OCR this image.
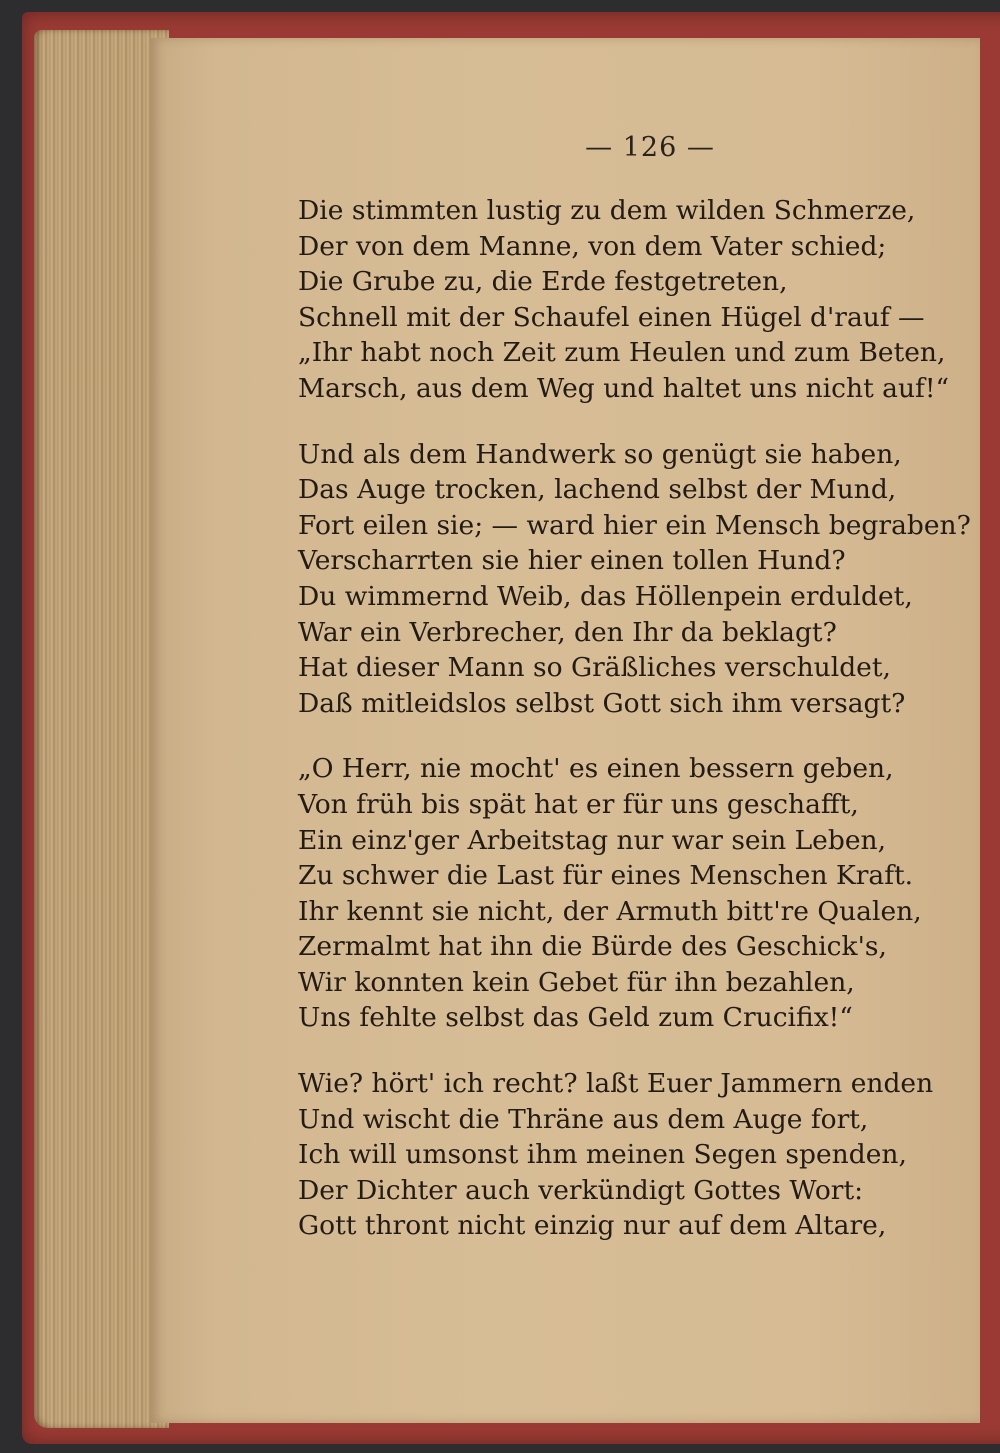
— 126 —
Die stimmten lustig zu dem wilden Schmerze,
Der von dem Manne, von dem Vater schied;
Die Grube zu, die Erde festgetreten,
Schnell mit der Schaufel einen Hügel d'rauf —
„Ihr habt noch Zeit zum Heulen und zum Beten,
Marsch, aus dem Weg und haltet uns nicht auf!“
Und als dem Handwerk so genügt sie haben,
Das Auge trocken, lachend selbst der Mund,
Fort eilen sie; — ward hier ein Mensch begraben?
Verscharrten sie hier einen tollen Hund?
Du wimmernd Weib, das Höllenpein erduldet,
War ein Verbrecher, den Ihr da beklagt?
Hat dieser Mann so Gräßliches verschuldet,
Daß mitleidslos selbst Gott sich ihm versagt?
„O Herr, nie mocht' es einen bessern geben,
Von früh bis spät hat er für uns geschafft,
Ein einz'ger Arbeitstag nur war sein Leben,
Zu schwer die Last für eines Menschen Kraft.
Ihr kennt sie nicht, der Armuth bitt're Qualen,
Zermalmt hat ihn die Bürde des Geschick's,
Wir konnten kein Gebet für ihn bezahlen,
Uns fehlte selbst das Geld zum Crucifix!“
Wie? hört' ich recht? laßt Euer Jammern enden
Und wischt die Thräne aus dem Auge fort,
Ich will umsonst ihm meinen Segen spenden,
Der Dichter auch verkündigt Gottes Wort:
Gott thront nicht einzig nur auf dem Altare,
